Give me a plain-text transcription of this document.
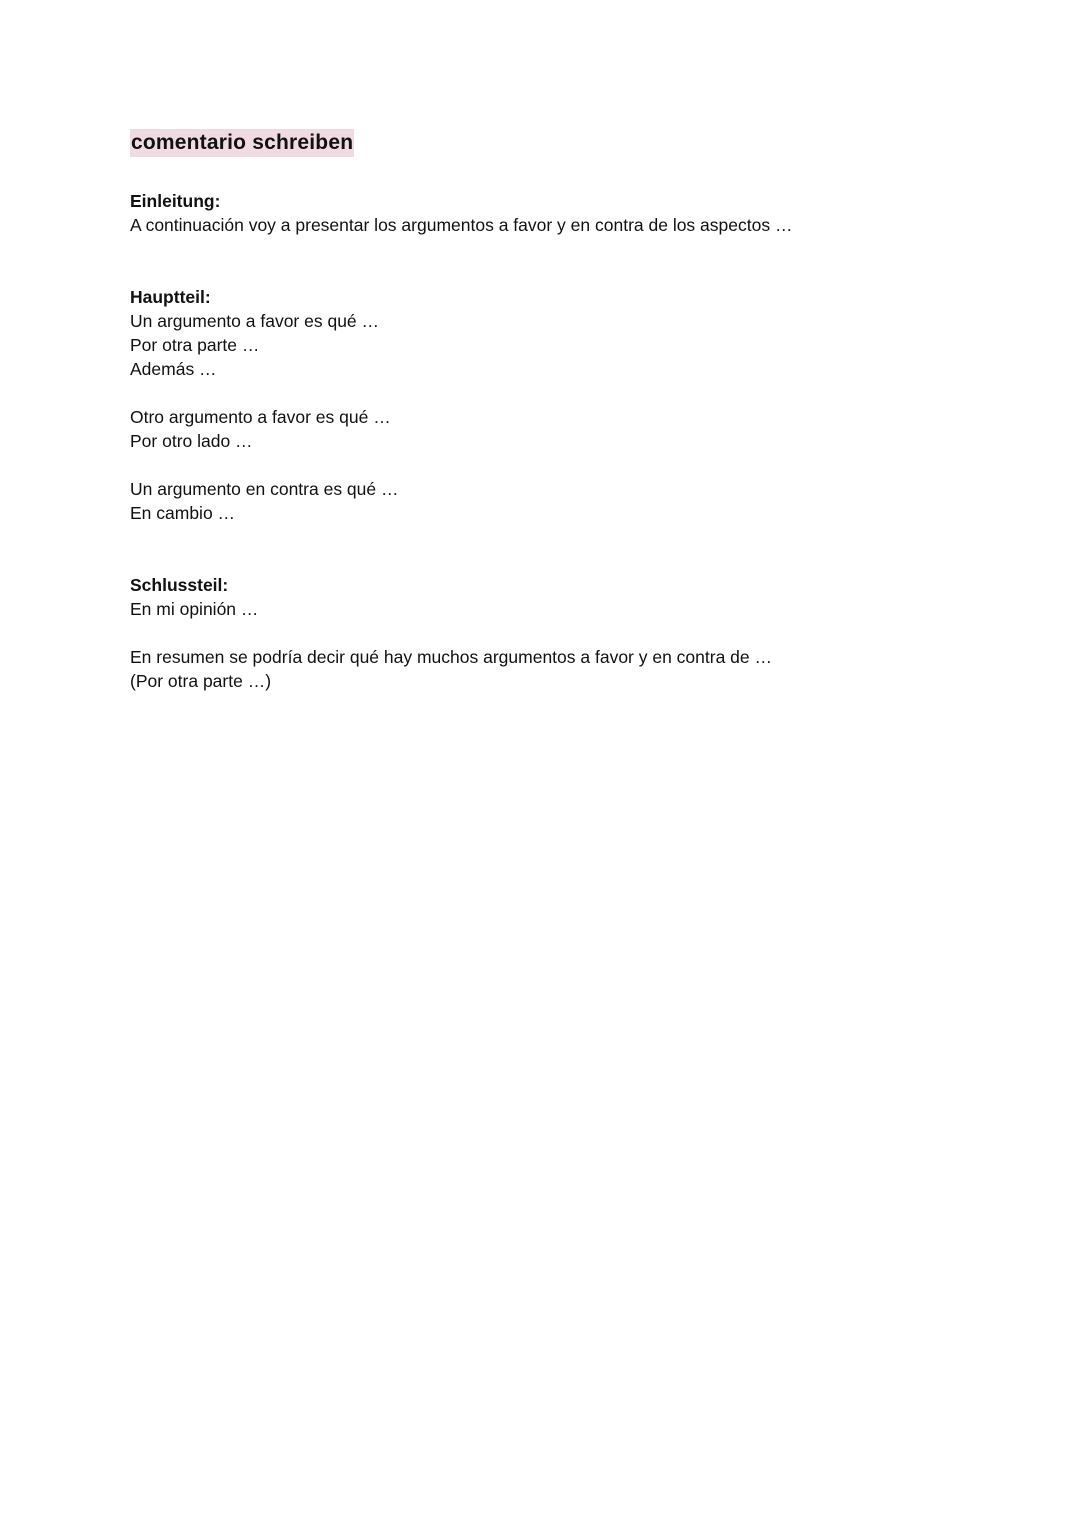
comentario schreiben

Einleitung:

A continuación voy a presentar los argumentos a favor y en contra de los aspectos …

Hauptteil:

Un argumento a favor es qué …

Por otra parte …

Además …

Otro argumento a favor es qué …

Por otro lado …

Un argumento en contra es qué …

En cambio …

Schlussteil:

En mi opinión …

En resumen se podría decir qué hay muchos argumentos a favor y en contra de …

(Por otra parte …)
